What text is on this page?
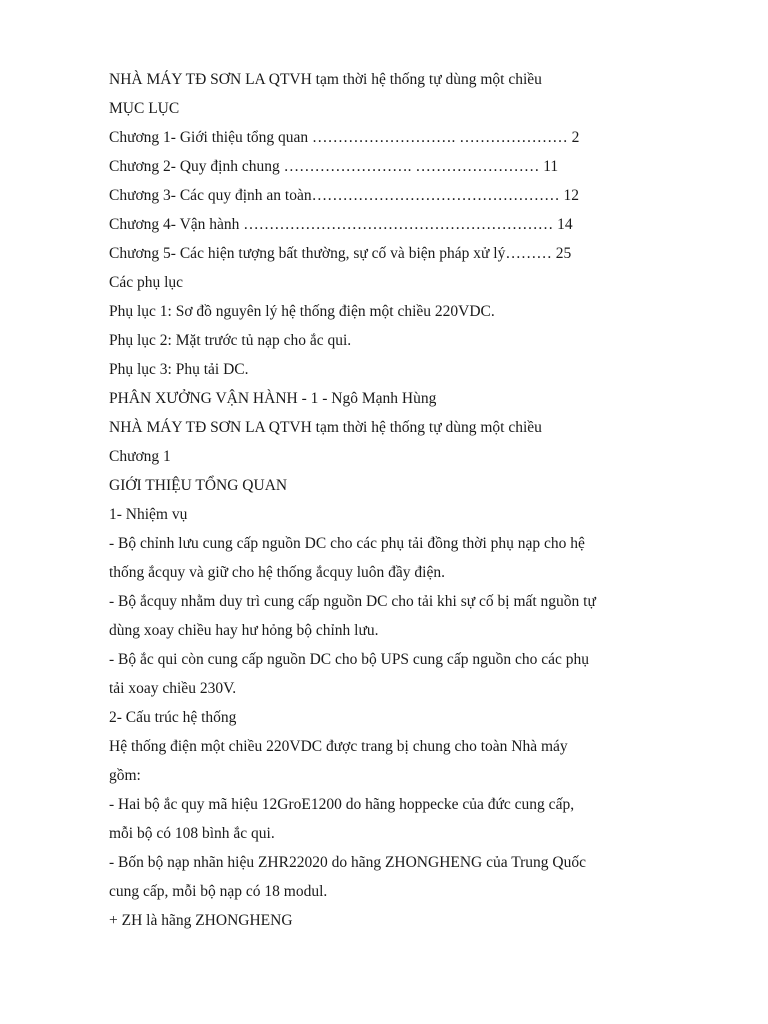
NHÀ MÁY TĐ SƠN LA QTVH tạm thời hệ thống tự dùng một chiều
MỤC LỤC
Chương 1- Giới thiệu tổng quan ………………………. ………………… 2
Chương 2- Quy định chung ……………………. …………………… 11
Chương 3- Các quy định an toàn………………………………………… 12
Chương 4- Vận hành …………………………………………………… 14
Chương 5- Các hiện tượng bất thường, sự cố và biện pháp xử lý……… 25
Các phụ lục
Phụ lục 1: Sơ đồ nguyên lý hệ thống điện một chiều 220VDC.
Phụ lục 2: Mặt trước tủ nạp cho ắc qui.
Phụ lục 3: Phụ tải DC.
PHÂN XƯỞNG VẬN HÀNH - 1 - Ngô Mạnh Hùng
NHÀ MÁY TĐ SƠN LA QTVH tạm thời hệ thống tự dùng một chiều
Chương 1
GIỚI THIỆU TỔNG QUAN
1- Nhiệm vụ
- Bộ chỉnh lưu cung cấp nguồn DC cho các phụ tải đồng thời phụ nạp cho hệ
thống ắcquy và giữ cho hệ thống ắcquy luôn đầy điện.
- Bộ ắcquy nhằm duy trì cung cấp nguồn DC cho tải khi sự cố bị mất nguồn tự
dùng xoay chiều hay hư hỏng bộ chỉnh lưu.
- Bộ ắc qui còn cung cấp nguồn DC cho bộ UPS cung cấp nguồn cho các phụ
tải xoay chiều 230V.
2- Cấu trúc hệ thống
Hệ thống điện một chiều 220VDC được trang bị chung cho toàn Nhà máy
gồm:
- Hai bộ ắc quy mã hiệu 12GroE1200 do hãng hoppecke của đức cung cấp,
mỗi bộ có 108 bình ắc qui.
- Bốn bộ nạp nhãn hiệu ZHR22020 do hãng ZHONGHENG của Trung Quốc
cung cấp, mỗi bộ nạp có 18 modul.
+ ZH là hãng ZHONGHENG
